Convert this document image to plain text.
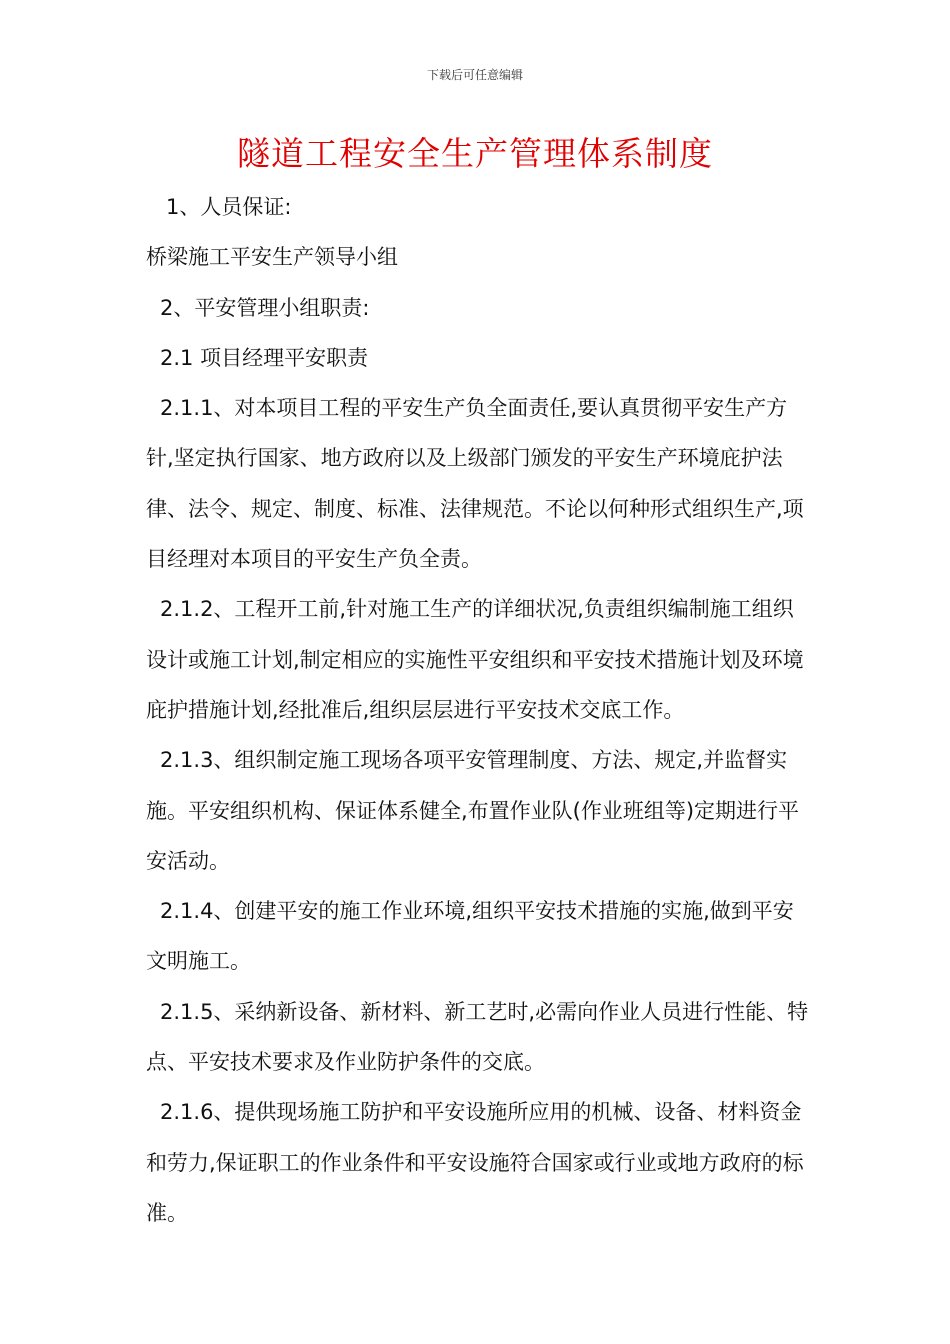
下载后可任意编辑
隧道工程安全生产管理体系制度

1、人员保证:

桥梁施工平安生产领导小组

2、平安管理小组职责:

2.1 项目经理平安职责

2.1.1、对本项目工程的平安生产负全面责任,要认真贯彻平安生产方针,坚定执行国家、地方政府以及上级部门颁发的平安生产环境庇护法律、法令、规定、制度、标准、法律规范。不论以何种形式组织生产,项目经理对本项目的平安生产负全责。

2.1.2、工程开工前,针对施工生产的详细状况,负责组织编制施工组织设计或施工计划,制定相应的实施性平安组织和平安技术措施计划及环境庇护措施计划,经批准后,组织层层进行平安技术交底工作。

2.1.3、组织制定施工现场各项平安管理制度、方法、规定,并监督实施。平安组织机构、保证体系健全,布置作业队(作业班组等)定期进行平安活动。

2.1.4、创建平安的施工作业环境,组织平安技术措施的实施,做到平安文明施工。

2.1.5、采纳新设备、新材料、新工艺时,必需向作业人员进行性能、特点、平安技术要求及作业防护条件的交底。

2.1.6、提供现场施工防护和平安设施所应用的机械、设备、材料资金和劳力,保证职工的作业条件和平安设施符合国家或行业或地方政府的标准。
